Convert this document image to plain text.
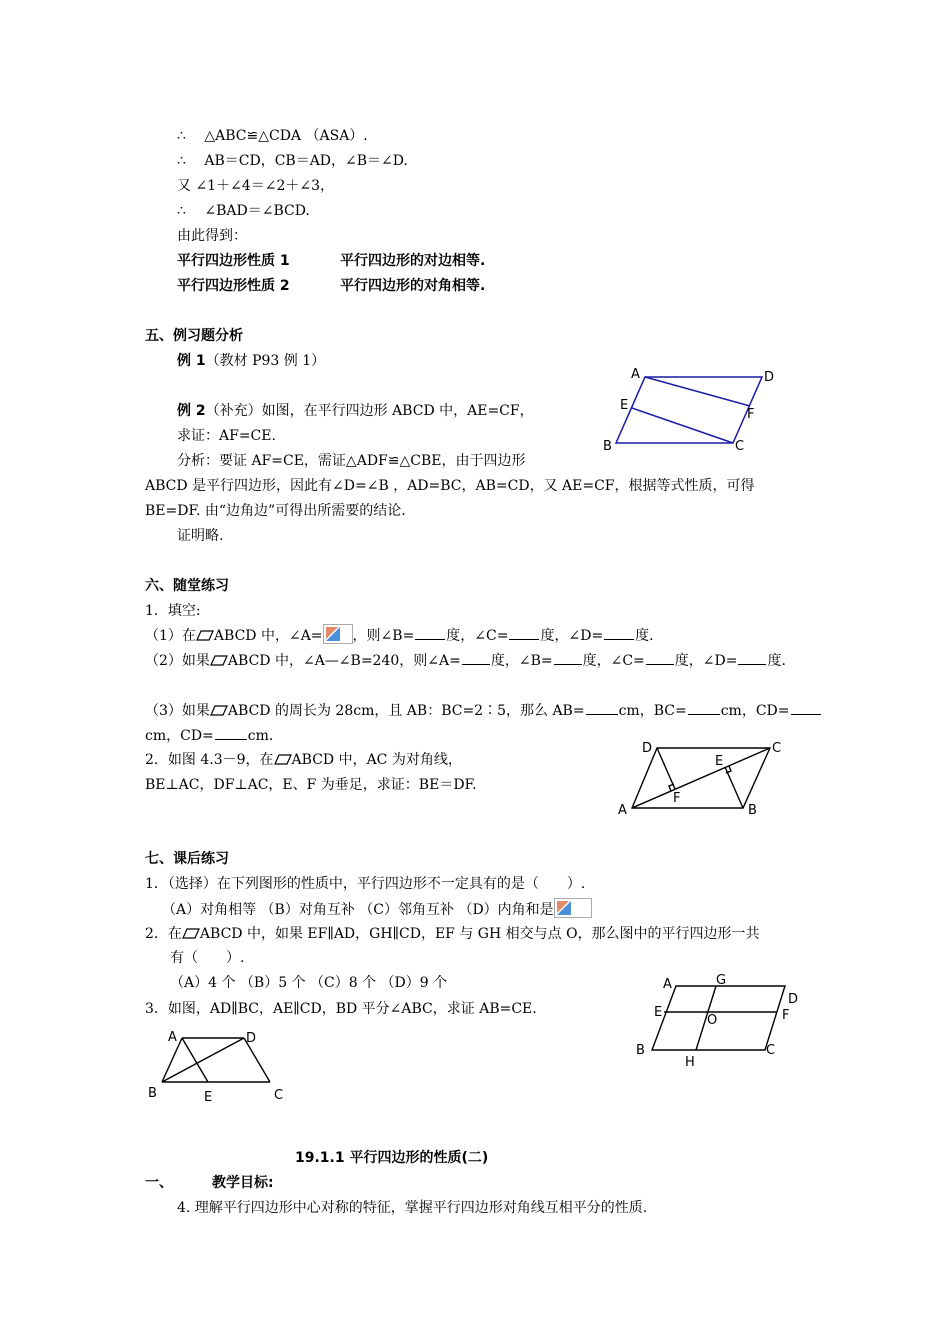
∴　 △ABC≌△CDA （ASA）.
∴　 AB＝CD，CB＝AD，∠B＝∠D.
又 ∠1＋∠4＝∠2＋∠3，
∴　 ∠BAD＝∠BCD.
由此得到：
平行四边形性质 1	平行四边形的对边相等.
平行四边形性质 2	平行四边形的对角相等.
五、例习题分析
例 1（教材 P93 例 1）
例 2（补充）如图，在平行四边形 ABCD 中，AE=CF，
求证：AF=CE.
分析：要证 AF=CE，需证△ADF≌△CBE，由于四边形
ABCD 是平行四边形，因此有∠D=∠B ，AD=BC，AB=CD，又 AE=CF，根据等式性质，可得
BE=DF. 由“边角边”可得出所需要的结论.
证明略.
A	D
E
F
B	C
六、随堂练习
1．填空:
（1）在 ABCD 中，∠A= ，则∠B= 度，∠C= 度，∠D= 度.
（2）如果 ABCD 中，∠A—∠B=240，则∠A= 度，∠B= 度，∠C= 度，∠D= 度.
（3）如果 ABCD 的周长为 28cm，且 AB：BC=2∶5，那么 AB= cm，BC= cm，CD=
cm，CD= cm.
2．如图 4.3－9，在 ABCD 中，AC 为对角线，
BE⊥AC，DF⊥AC，E、F 为垂足，求证：BE＝DF.
D	C
E
F
A	B
七、课后练习
1．（选择）在下列图形的性质中，平行四边形不一定具有的是（　　）.
（A）对角相等 （B）对角互补 （C）邻角互补 （D）内角和是
2．在 ABCD 中，如果 EF∥AD，GH∥CD，EF 与 GH 相交与点 O，那么图中的平行四边形一共
有（　　）.
（A）4 个 （B）5 个 （C）8 个 （D）9 个
3．如图，AD∥BC，AE∥CD，BD 平分∠ABC，求证 AB=CE.
A	D
B	E	C
A	G
D
E
O	F
B
H
C
19.1.1 平行四边形的性质(二)
一、	教学目标:
4. 理解平行四边形中心对称的特征，掌握平行四边形对角线互相平分的性质.
